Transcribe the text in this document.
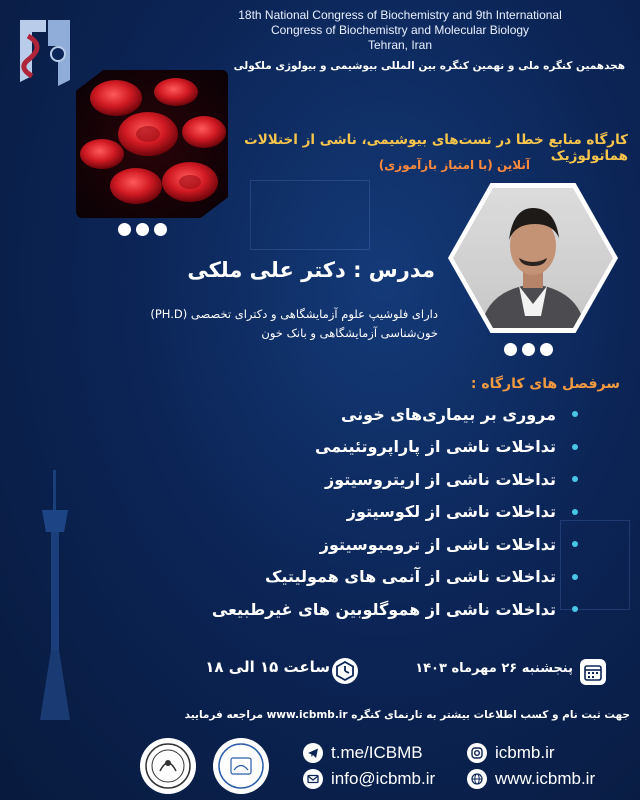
18th National Congress of Biochemistry and 9th International
Congress of Biochemistry and Molecular Biology
Tehran, Iran
هجدهمین کنگره ملی و نهمین کنگره بین المللی بیوشیمی و بیولوژی ملکولی
کارگاه منابع خطا در تست‌های بیوشیمی، ناشی از اختلالات هماتولوژیک
آنلاین (با امتیاز بازآموزی)
مدرس : دکتر علی ملکی
دارای فلوشیپ علوم آزمایشگاهی و دکترای تخصصی (PH.D)
خون‌شناسی آزمایشگاهی و بانک خون
سرفصل های کارگاه :
مروری بر بیماری‌های خونی
تداخلات ناشی از پاراپروتئینمی
تداخلات ناشی از اریتروسیتوز
تداخلات ناشی از لکوسیتوز
تداخلات ناشی از ترومبوسیتوز
تداخلات ناشی از آنمی های همولیتیک
تداخلات ناشی از هموگلوبین های غیرطبیعی
پنجشنبه ۲۶ مهرماه ۱۴۰۳
ساعت ۱۵ الی ۱۸
جهت ثبت نام و کسب اطلاعات بیشتر به تارنمای کنگره www.icbmb.ir مراجعه فرمایید
t.me/ICBMB	icbmb.ir
info@icbmb.ir	www.icbmb.ir
